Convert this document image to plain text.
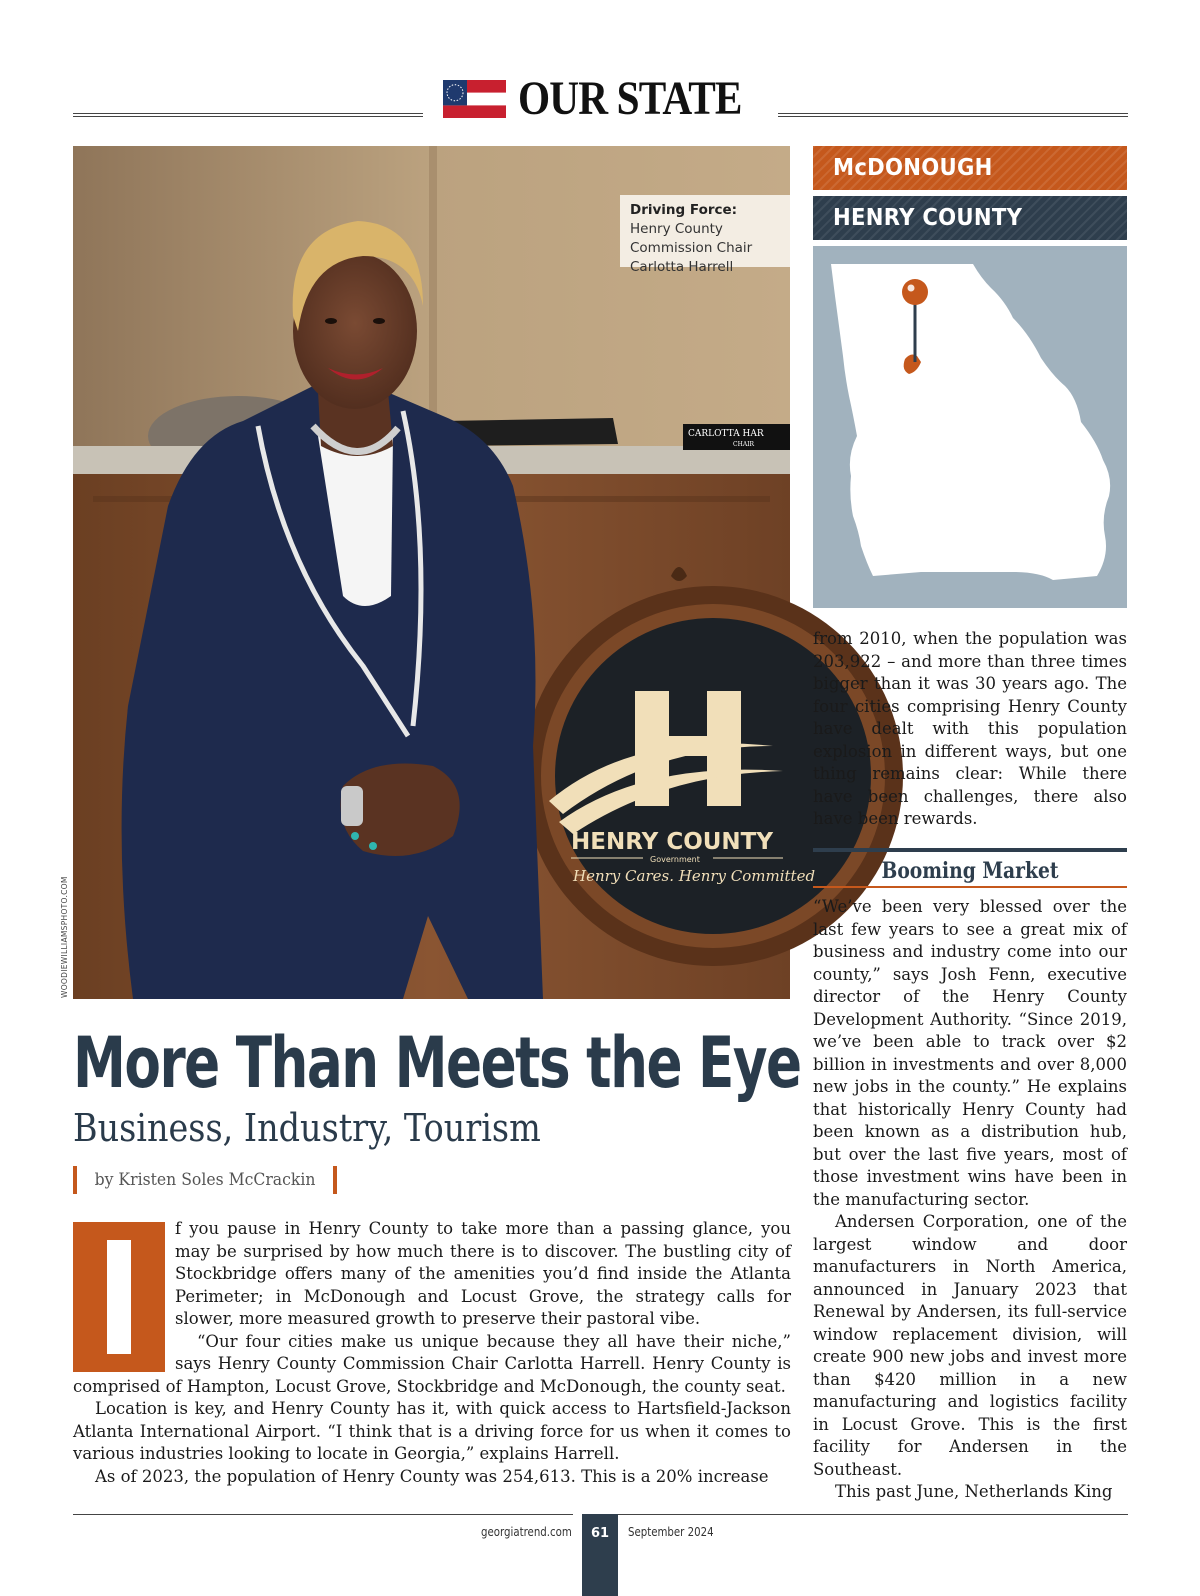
OUR STATE
CARLOTTA HAR
CHAIR
HENRY COUNTY
Government
Henry Cares. Henry Committed
Driving Force: Henry County Commission Chair Carlotta Harrell
WOODIEWILLIAMSPHOTO.COM
More Than Meets the Eye
Business, Industry, Tourism
by Kristen Soles McCrackin

f you pause in Henry County to take more than a passing glance, you may be surprised by how much there is to discover. The bustling city of Stockbridge offers many of the amenities you’d find inside the Atlanta Perimeter; in McDonough and Locust Grove, the strategy calls for slower, more measured growth to preserve their pastoral vibe.

“Our four cities make us unique because they all have their niche,” says Henry County Commission Chair Carlotta Harrell. Henry County is comprised of Hampton, Locust Grove, Stockbridge and McDonough, the county seat.

Location is key, and Henry County has it, with quick access to Hartsfield-Jackson Atlanta International Airport. “I think that is a driving force for us when it comes to various industries looking to locate in Georgia,” explains Harrell.

As of 2023, the population of Henry County was 254,613. This is a 20% increase

McDONOUGH
HENRY COUNTY

from 2010, when the population was 203,922 – and more than three times bigger than it was 30 years ago. The four cities comprising Henry County have dealt with this population explosion in different ways, but one thing remains clear: While there have been challenges, there also have been rewards.

Booming Market

“We’ve been very blessed over the last few years to see a great mix of business and industry come into our county,” says Josh Fenn, executive director of the Henry County Development Authority. “Since 2019, we’ve been able to track over $2 billion in investments and over 8,000 new jobs in the county.” He explains that historically Henry County had been known as a distribution hub, but over the last five years, most of those investment wins have been in the manufacturing sector.

Andersen Corporation, one of the largest window and door manufacturers in North America, announced in January 2023 that Renewal by Andersen, its full-service window replacement division, will create 900 new jobs and invest more than $420 million in a new manufacturing and logistics facility in Locust Grove. This is the first facility for Andersen in the Southeast.

This past June, Netherlands King

georgiatrend.com	61	September 2024
